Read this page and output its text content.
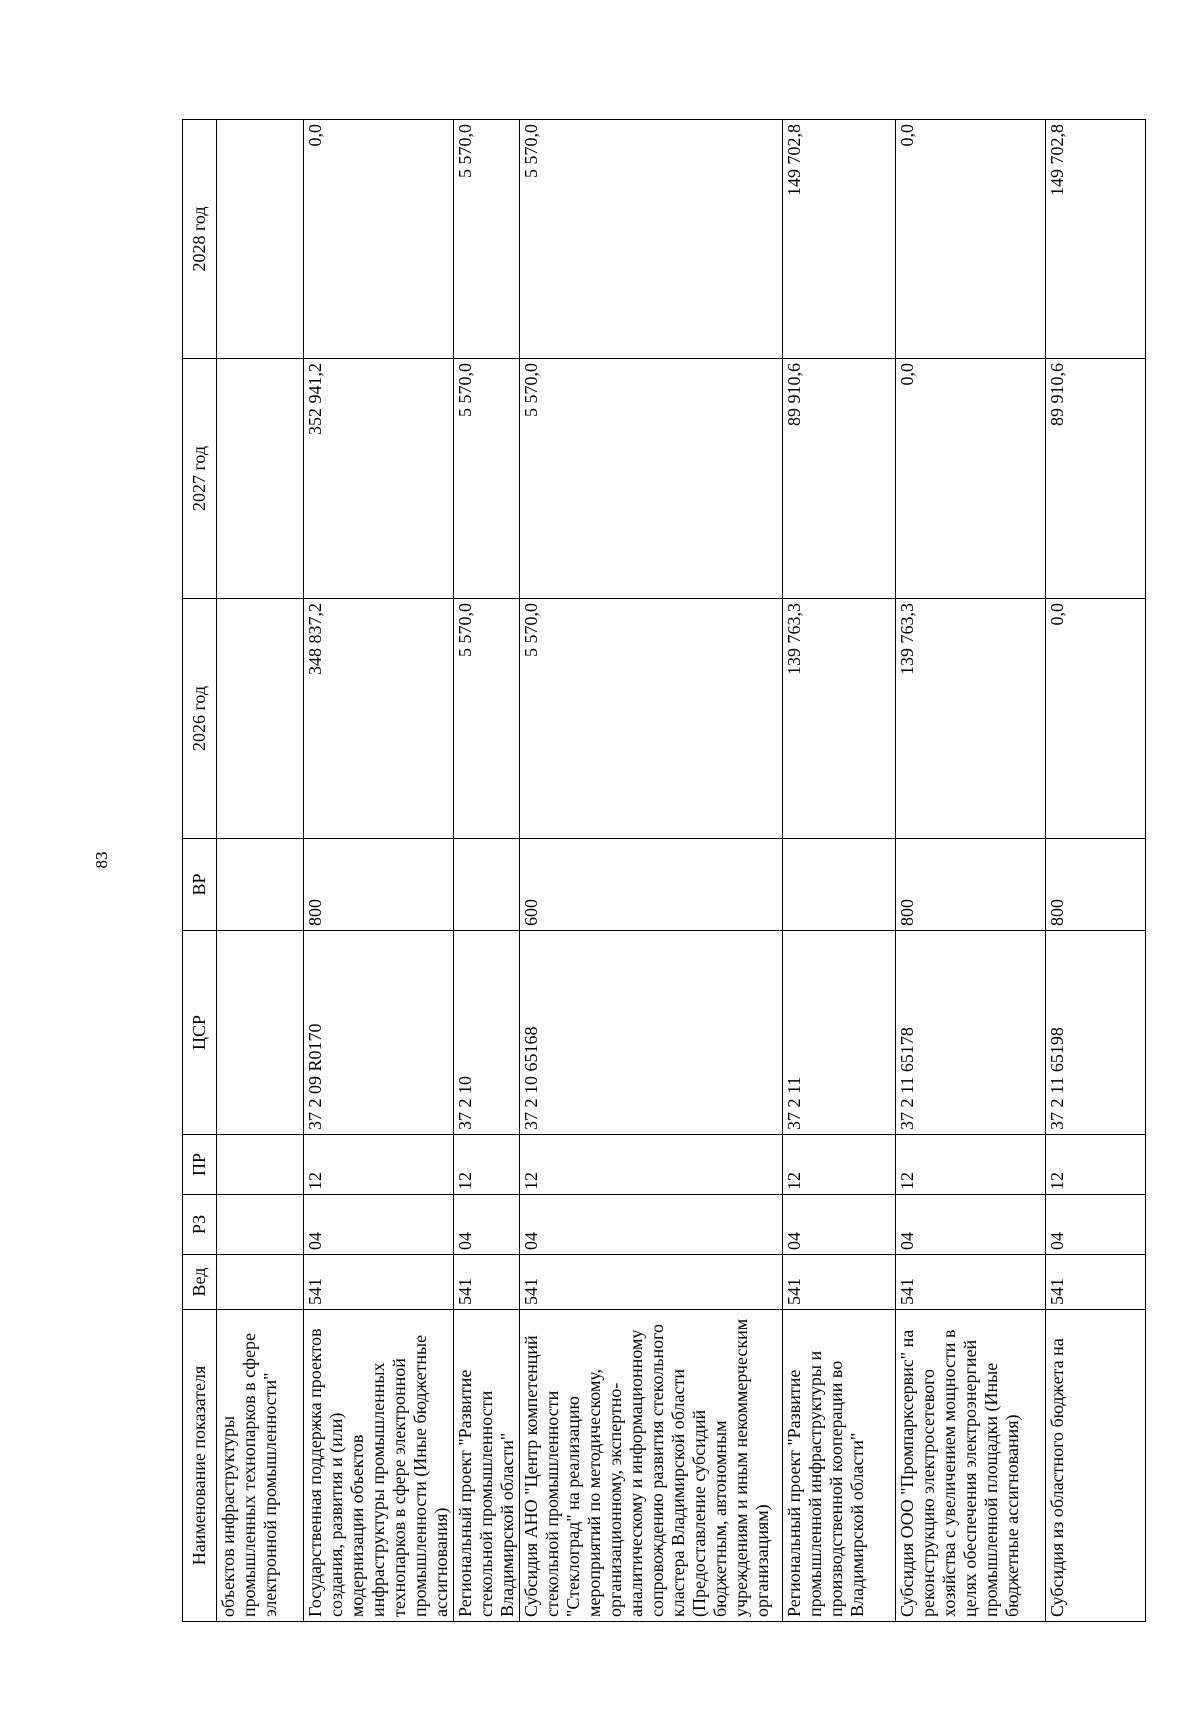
83
Наименование показателя	Вед	РЗ	ПР	ЦСР	ВР	2026 год	2027 год	2028 год
объектов инфраструктуры промышленных технопарков в сфере электронной промышленности"								
Государственная поддержка проектов создания, развития и (или) модернизации объектов инфраструктуры промышленных технопарков в сфере электронной промышленности (Иные бюджетные ассигнования)	541	04	12	37 2 09 R0170	800	348 837,2	352 941,2	0,0
Региональный проект "Развитие стекольной промышленности Владимирской области"	541	04	12	37 2 10		5 570,0	5 570,0	5 570,0
Субсидия АНО "Центр компетенций стекольной промышленности "Стеклоград" на реализацию мероприятий по методическому, организационному, экспертно-аналитическому и информационному сопровождению развития стекольного кластера Владимирской области (Предоставление субсидий бюджетным, автономным учреждениям и иным некоммерческим организациям)	541	04	12	37 2 10 65168	600	5 570,0	5 570,0	5 570,0
Региональный проект "Развитие промышленной инфраструктуры и производственной кооперации во Владимирской области"	541	04	12	37 2 11		139 763,3	89 910,6	149 702,8
Субсидия ООО "Промпарксервис" на реконструкцию электросетевого хозяйства с увеличением мощности в целях обеспечения электроэнергией промышленной площадки (Иные бюджетные ассигнования)	541	04	12	37 2 11 65178	800	139 763,3	0,0	0,0
Субсидия из областного бюджета на	541	04	12	37 2 11 65198	800	0,0	89 910,6	149 702,8
